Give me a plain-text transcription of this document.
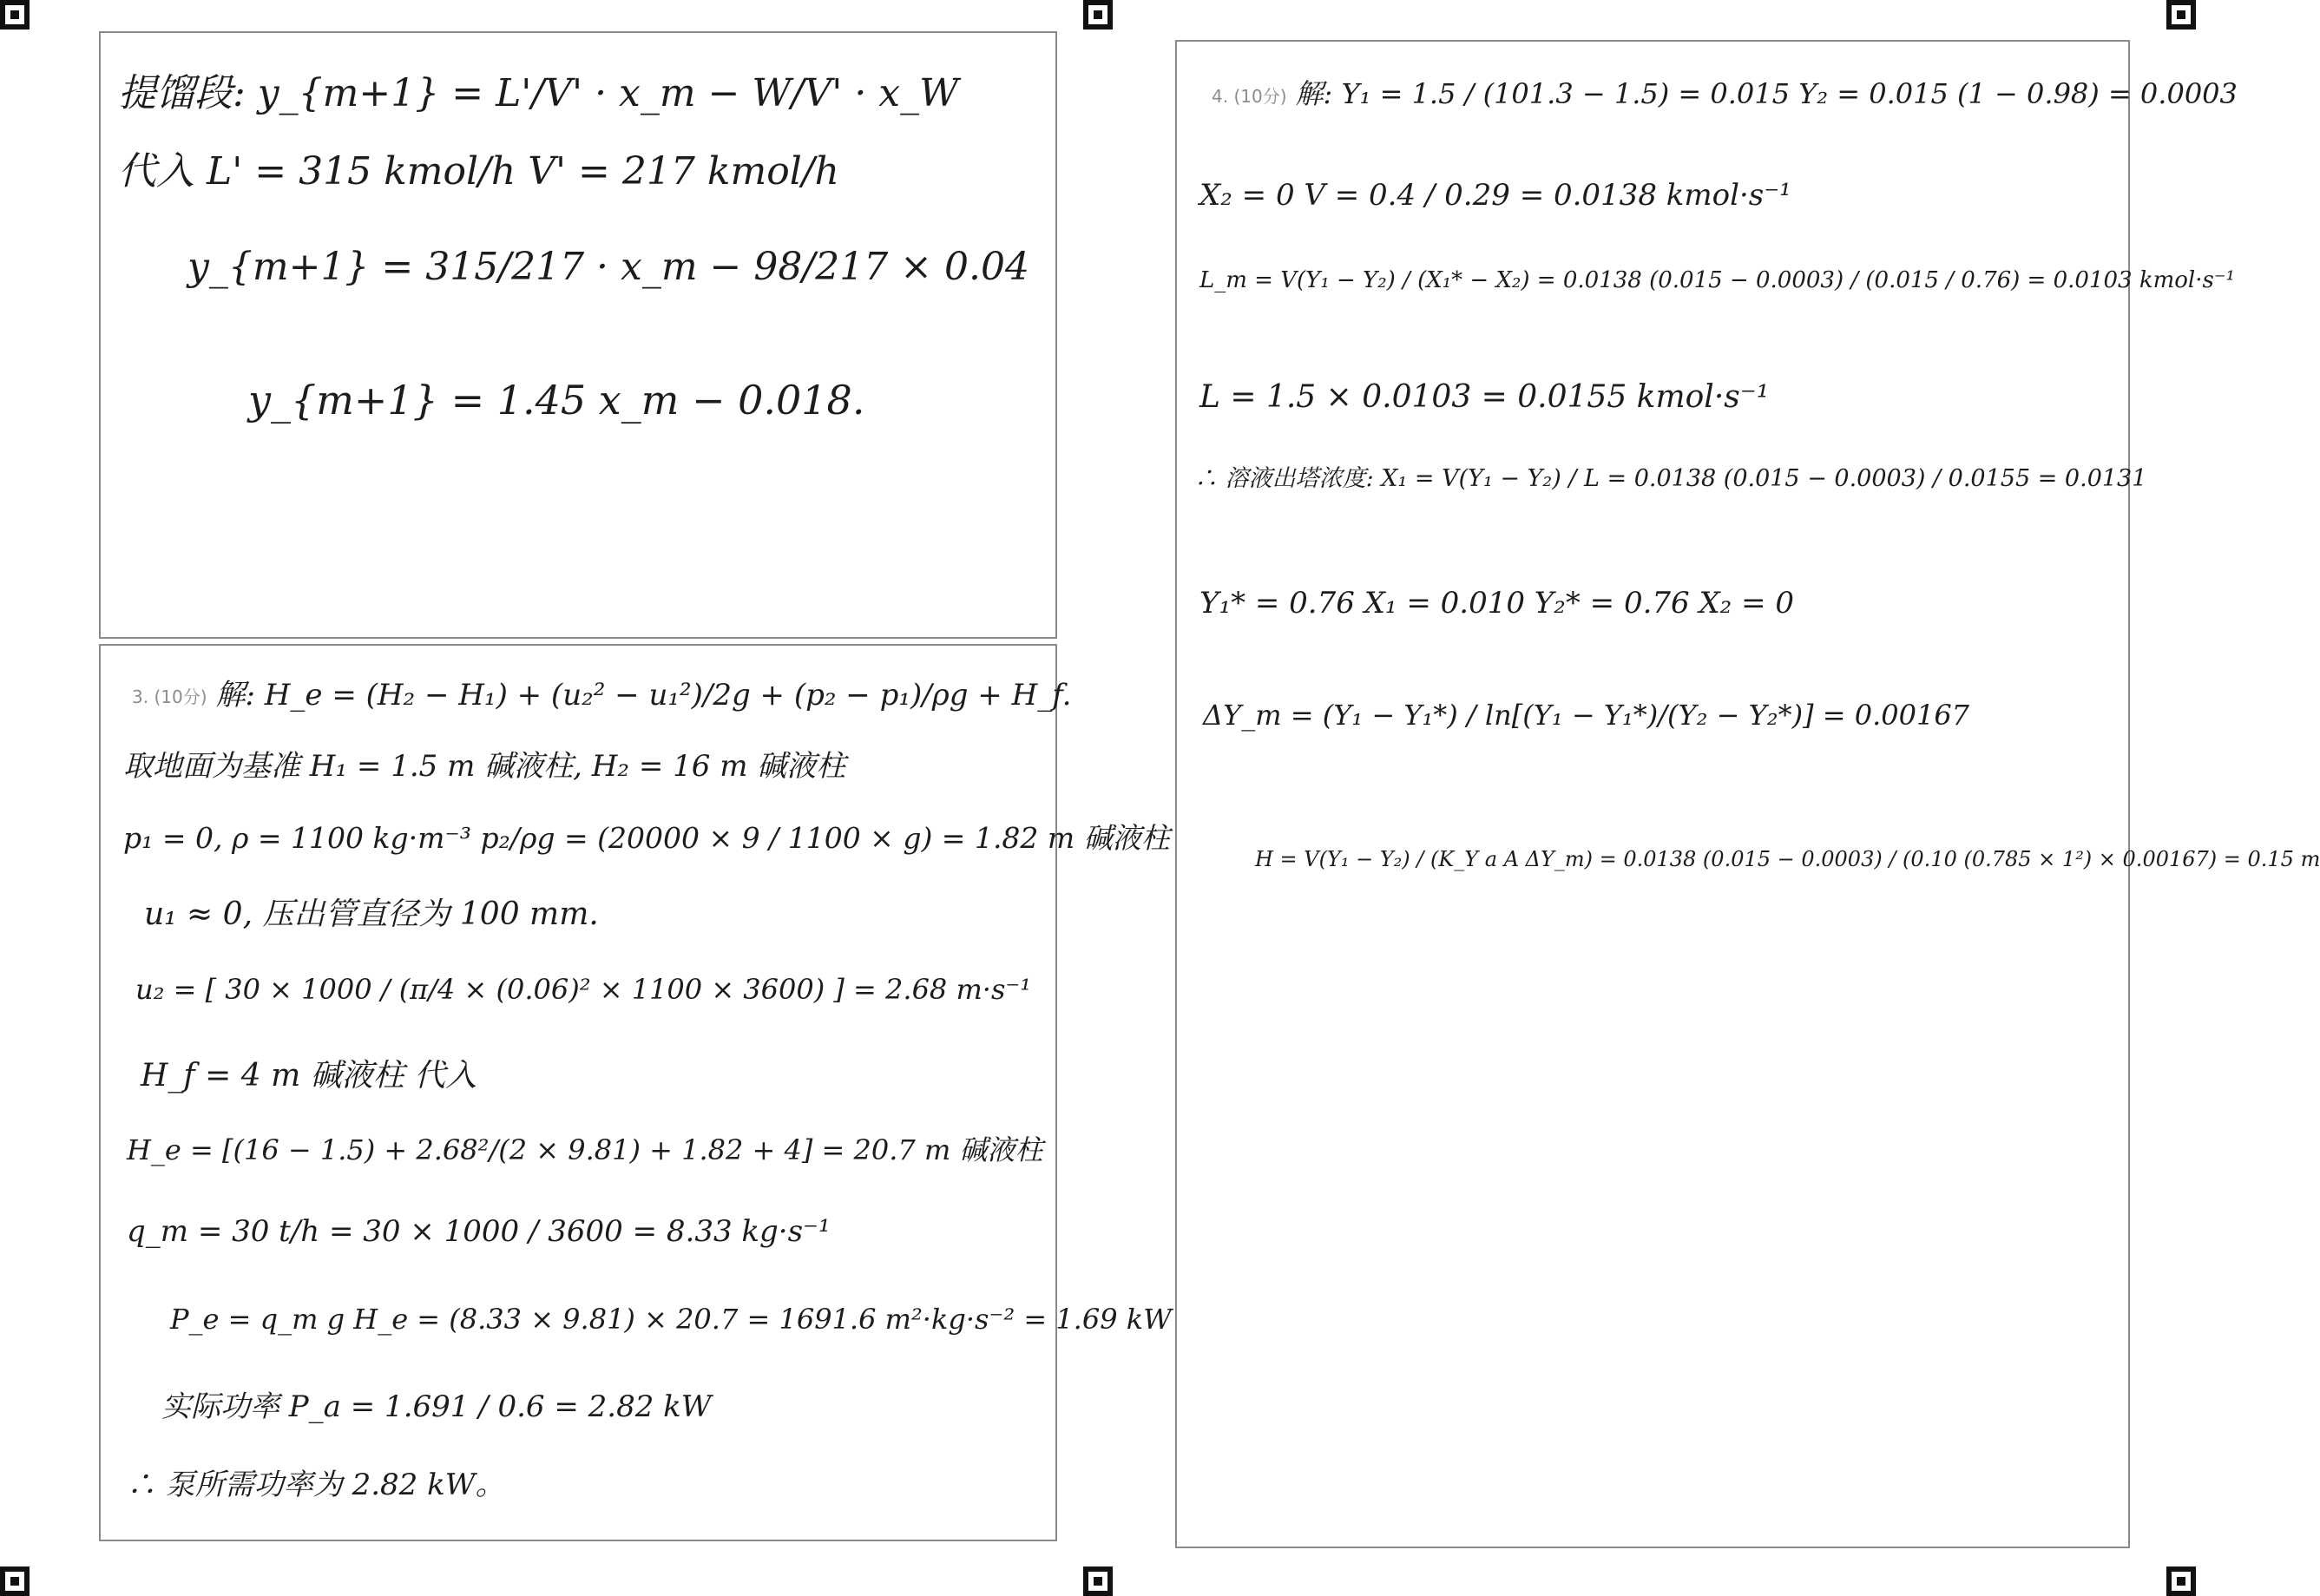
提馏段: y_{m+1} = L'/V' · x_m − W/V' · x_W
代入 L' = 315 kmol/h V' = 217 kmol/h
y_{m+1} = 315/217 · x_m − 98/217 × 0.04
y_{m+1} = 1.45 x_m − 0.018.
3. (10分) 解: H_e = (H₂ − H₁) + (u₂² − u₁²)/2g + (p₂ − p₁)/ρg + H_f.
取地面为基准 H₁ = 1.5 m 碱液柱, H₂ = 16 m 碱液柱
p₁ = 0, ρ = 1100 kg·m⁻³ p₂/ρg = (20000 × 9 / 1100 × g) = 1.82 m 碱液柱
u₁ ≈ 0, 压出管直径为 100 mm.
u₂ = [ 30 × 1000 / (π/4 × (0.06)² × 1100 × 3600) ] = 2.68 m·s⁻¹
H_f = 4 m 碱液柱 代入
H_e = [(16 − 1.5) + 2.68²/(2 × 9.81) + 1.82 + 4] = 20.7 m 碱液柱
q_m = 30 t/h = 30 × 1000 / 3600 = 8.33 kg·s⁻¹
P_e = q_m g H_e = (8.33 × 9.81) × 20.7 = 1691.6 m²·kg·s⁻² = 1.69 kW
实际功率 P_a = 1.691 / 0.6 = 2.82 kW
∴ 泵所需功率为 2.82 kW。
4. (10分) 解: Y₁ = 1.5 / (101.3 − 1.5) = 0.015 Y₂ = 0.015 (1 − 0.98) = 0.0003
X₂ = 0 V = 0.4 / 0.29 = 0.0138 kmol·s⁻¹
L_m = V(Y₁ − Y₂) / (X₁* − X₂) = 0.0138 (0.015 − 0.0003) / (0.015 / 0.76) = 0.0103 kmol·s⁻¹
L = 1.5 × 0.0103 = 0.0155 kmol·s⁻¹
∴ 溶液出塔浓度: X₁ = V(Y₁ − Y₂) / L = 0.0138 (0.015 − 0.0003) / 0.0155 = 0.0131
Y₁* = 0.76 X₁ = 0.010 Y₂* = 0.76 X₂ = 0
ΔY_m = (Y₁ − Y₁*) / ln[(Y₁ − Y₁*)/(Y₂ − Y₂*)] = 0.00167
H = V(Y₁ − Y₂) / (K_Y a A ΔY_m) = 0.0138 (0.015 − 0.0003) / (0.10 (0.785 × 1²) × 0.00167) = 0.15 m
